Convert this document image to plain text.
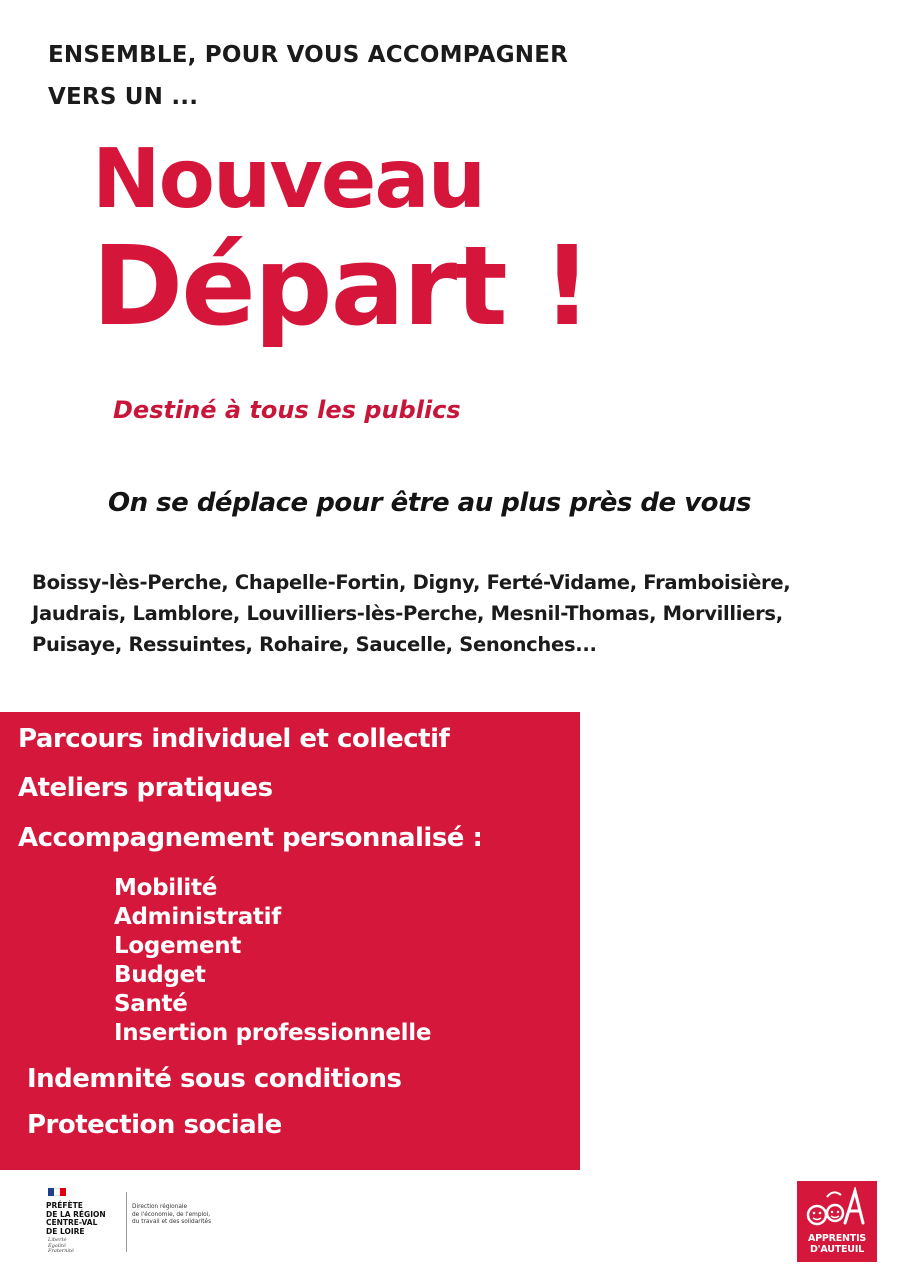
ENSEMBLE, POUR VOUS ACCOMPAGNER
VERS UN ...
Nouveau
Départ !
Destiné à tous les publics
On se déplace pour être au plus près de vous
Boissy-lès-Perche, Chapelle-Fortin, Digny, Ferté-Vidame, Framboisière,
Jaudrais, Lamblore, Louvilliers-lès-Perche, Mesnil-Thomas, Morvilliers,
Puisaye, Ressuintes, Rohaire, Saucelle, Senonches...
Parcours individuel et collectif
Ateliers pratiques
Accompagnement personnalisé :
Mobilité
Administratif
Logement
Budget
Santé
Insertion professionnelle
Indemnité sous conditions
Protection sociale
PRÉFÈTE
DE LA RÉGION
CENTRE-VAL
DE LOIRE
Liberté
Égalité
Fraternité
Direction régionale
de l'économie, de l'emploi,
du travail et des solidarités
APPRENTIS
D'AUTEUIL
